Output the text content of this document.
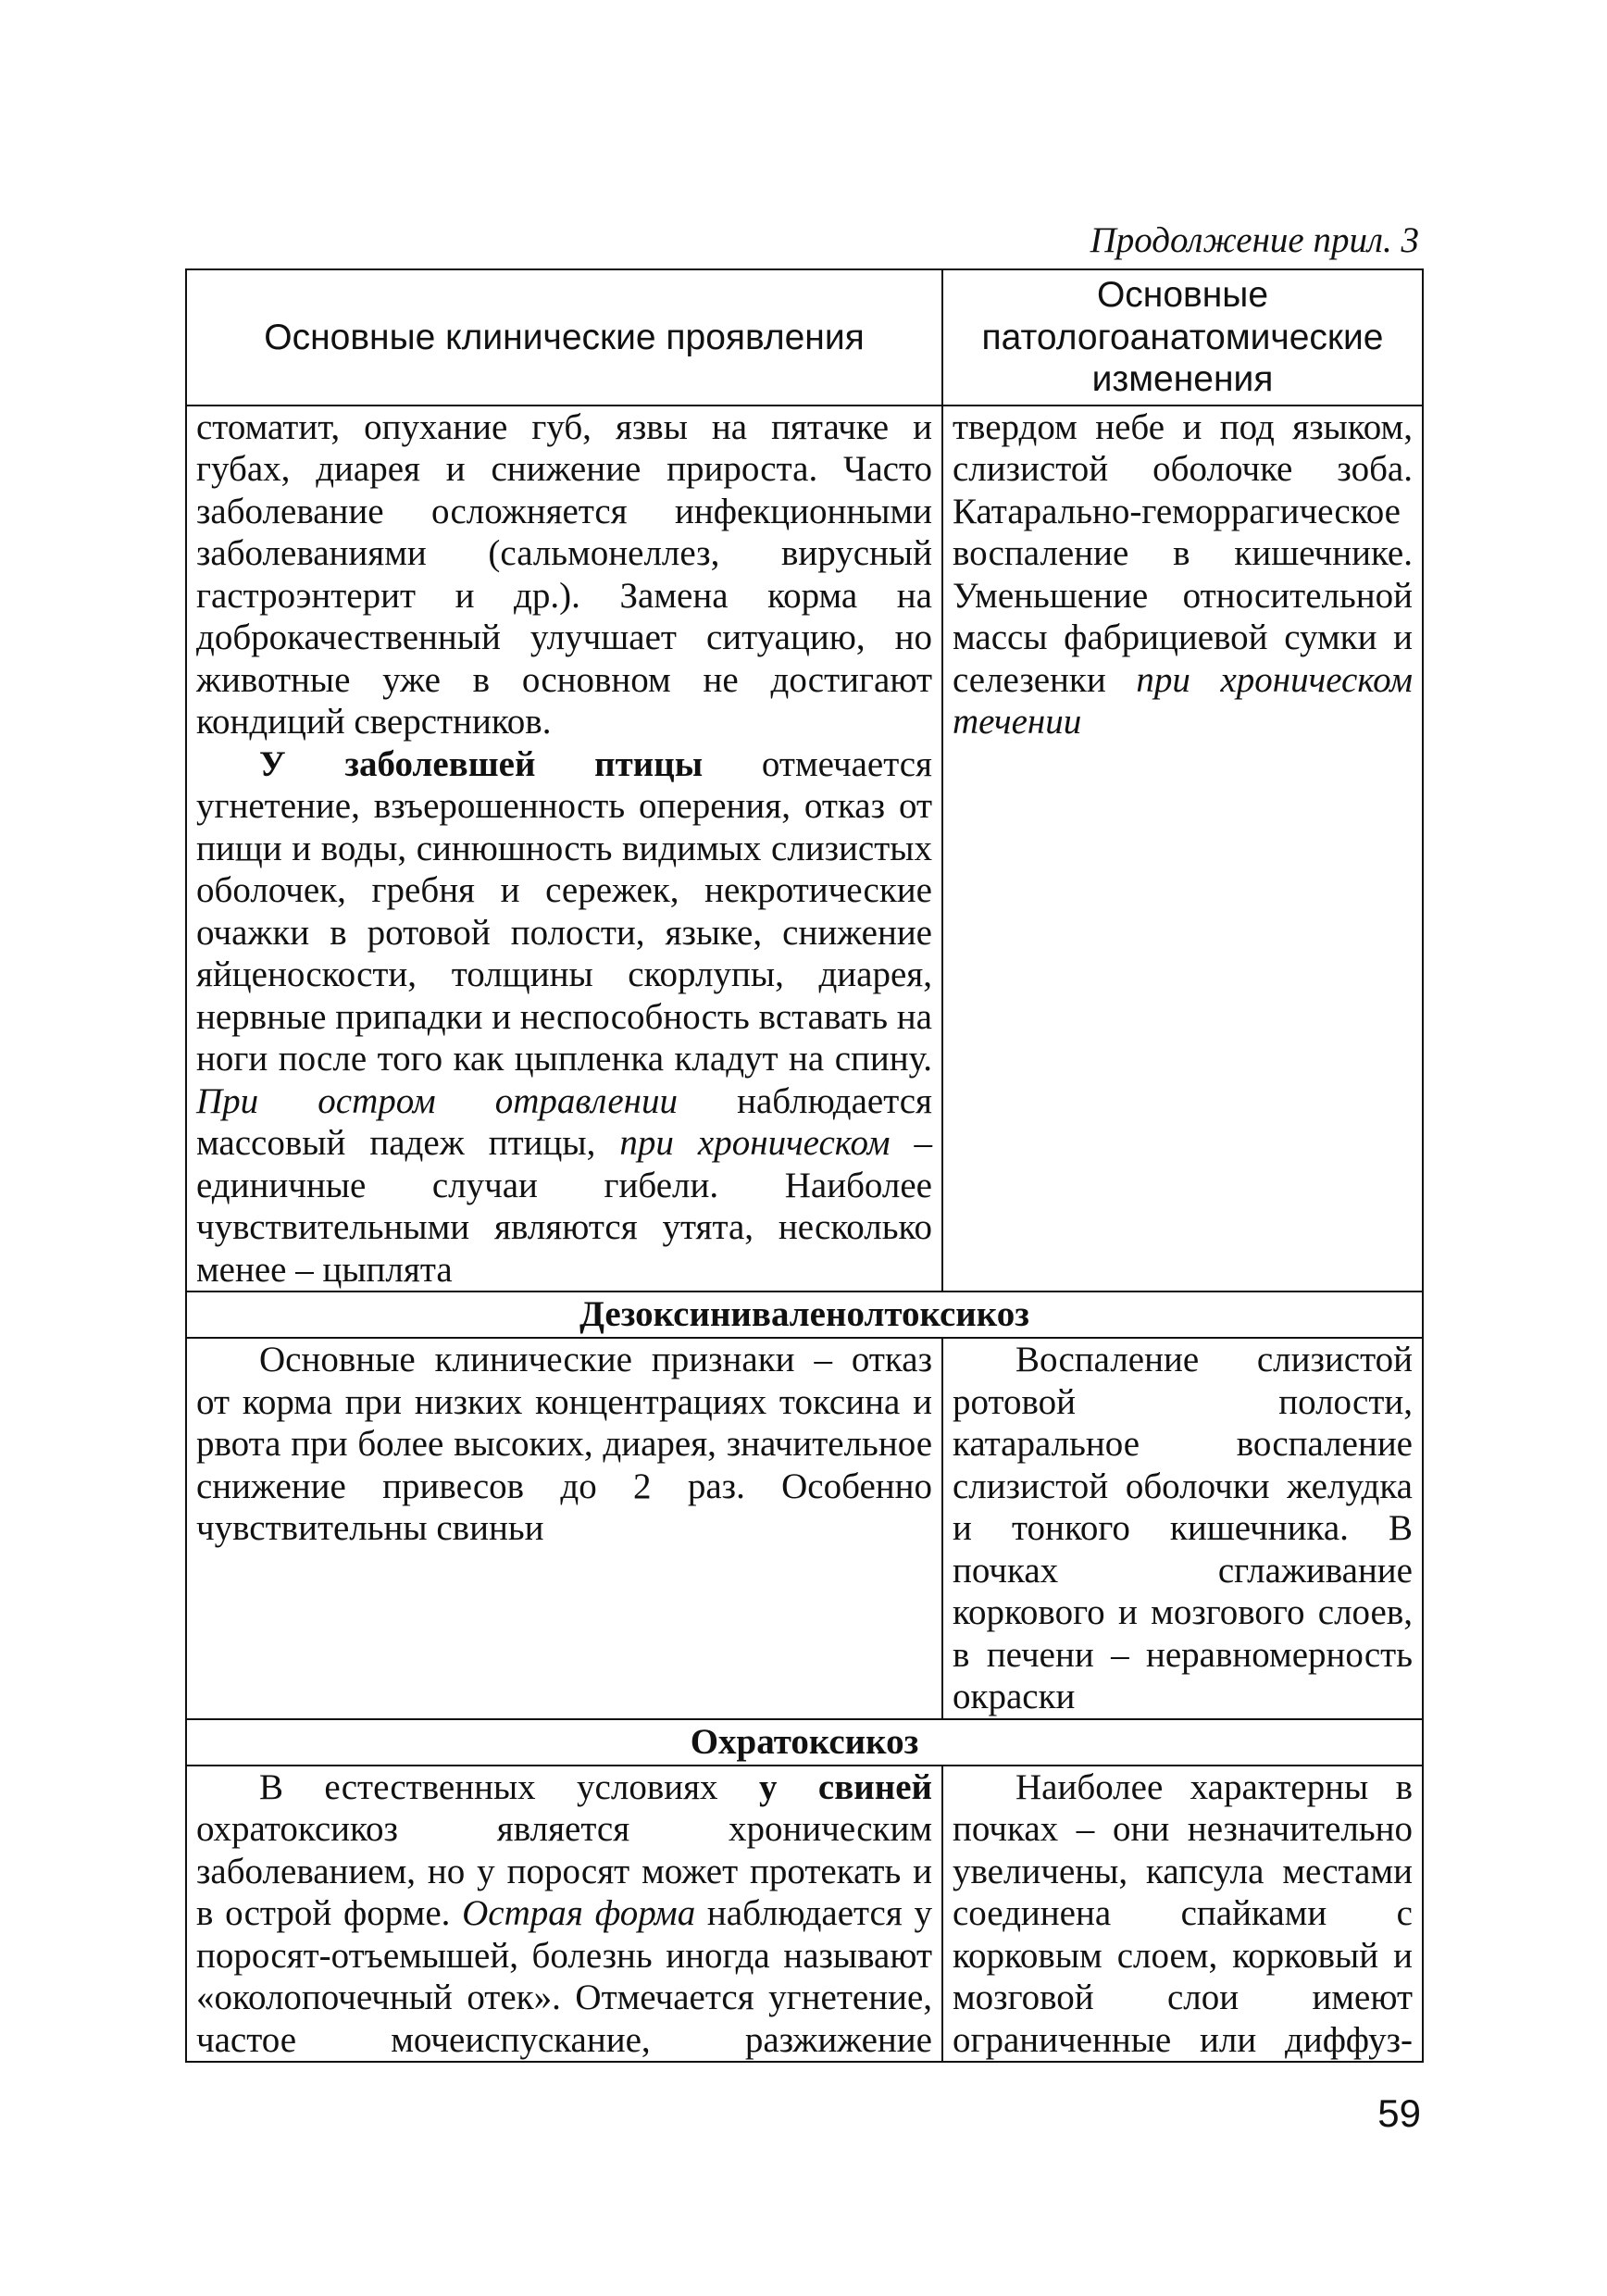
Продолжение прил. 3
Основные клинические проявления	Основные
патологоанатомические
изменения

стоматит, опухание губ, язвы на пятачке и губах, диарея и снижение прироста. Часто заболевание осложняется инфекционными заболеваниями (сальмонеллез, вирусный гастроэнтерит и др.). Замена корма на доброкачественный улучшает ситуацию, но животные уже в основном не достигают кондиций сверстников.

У заболевшей птицы отмечается угнетение, взъерошенность оперения, отказ от пищи и воды, синюшность видимых слизистых оболочек, гребня и сережек, некротические очажки в ротовой полости, языке, снижение яйценоскости, толщины скорлупы, диарея, нервные припадки и неспособность вставать на ноги после того как цыпленка кладут на спину. При остром отравлении наблюдается массовый падеж птицы, при хроническом – единичные случаи гибели. Наиболее чувствительными являются утята, несколько менее – цыплята	твердом небе и под языком, слизистой оболочке зоба. Катарально-геморрагическое воспаление в кишечнике. Уменьшение относительной массы фабрициевой сумки и селезенки при хроническом течении

Дезоксиниваленолтоксикоз	

Основные клинические признаки – отказ от корма при низких концентрациях токсина и рвота при более высоких, диарея, значительное снижение привесов до 2 раз. Особенно чувствительны свиньи	Воспаление слизистой ротовой полости, катаральное воспаление слизистой оболочки желудка и тонкого кишечника. В почках сглаживание коркового и мозгового слоев, в печени – неравномерность окраски

Охратоксикоз	

В естественных условиях у свиней охратоксикоз является хроническим заболеванием, но у поросят может протекать и в острой форме. Острая форма наблюдается у поросят-отъемышей, болезнь иногда называют «околопочечный отек». Отмечается угнетение, частое мочеиспускание, разжижение	Наиболее характерны в почках – они незначительно увеличены, капсула местами соединена спайками с корковым слоем, корковый и мозговой слои имеют ограниченные или диффуз-

59
